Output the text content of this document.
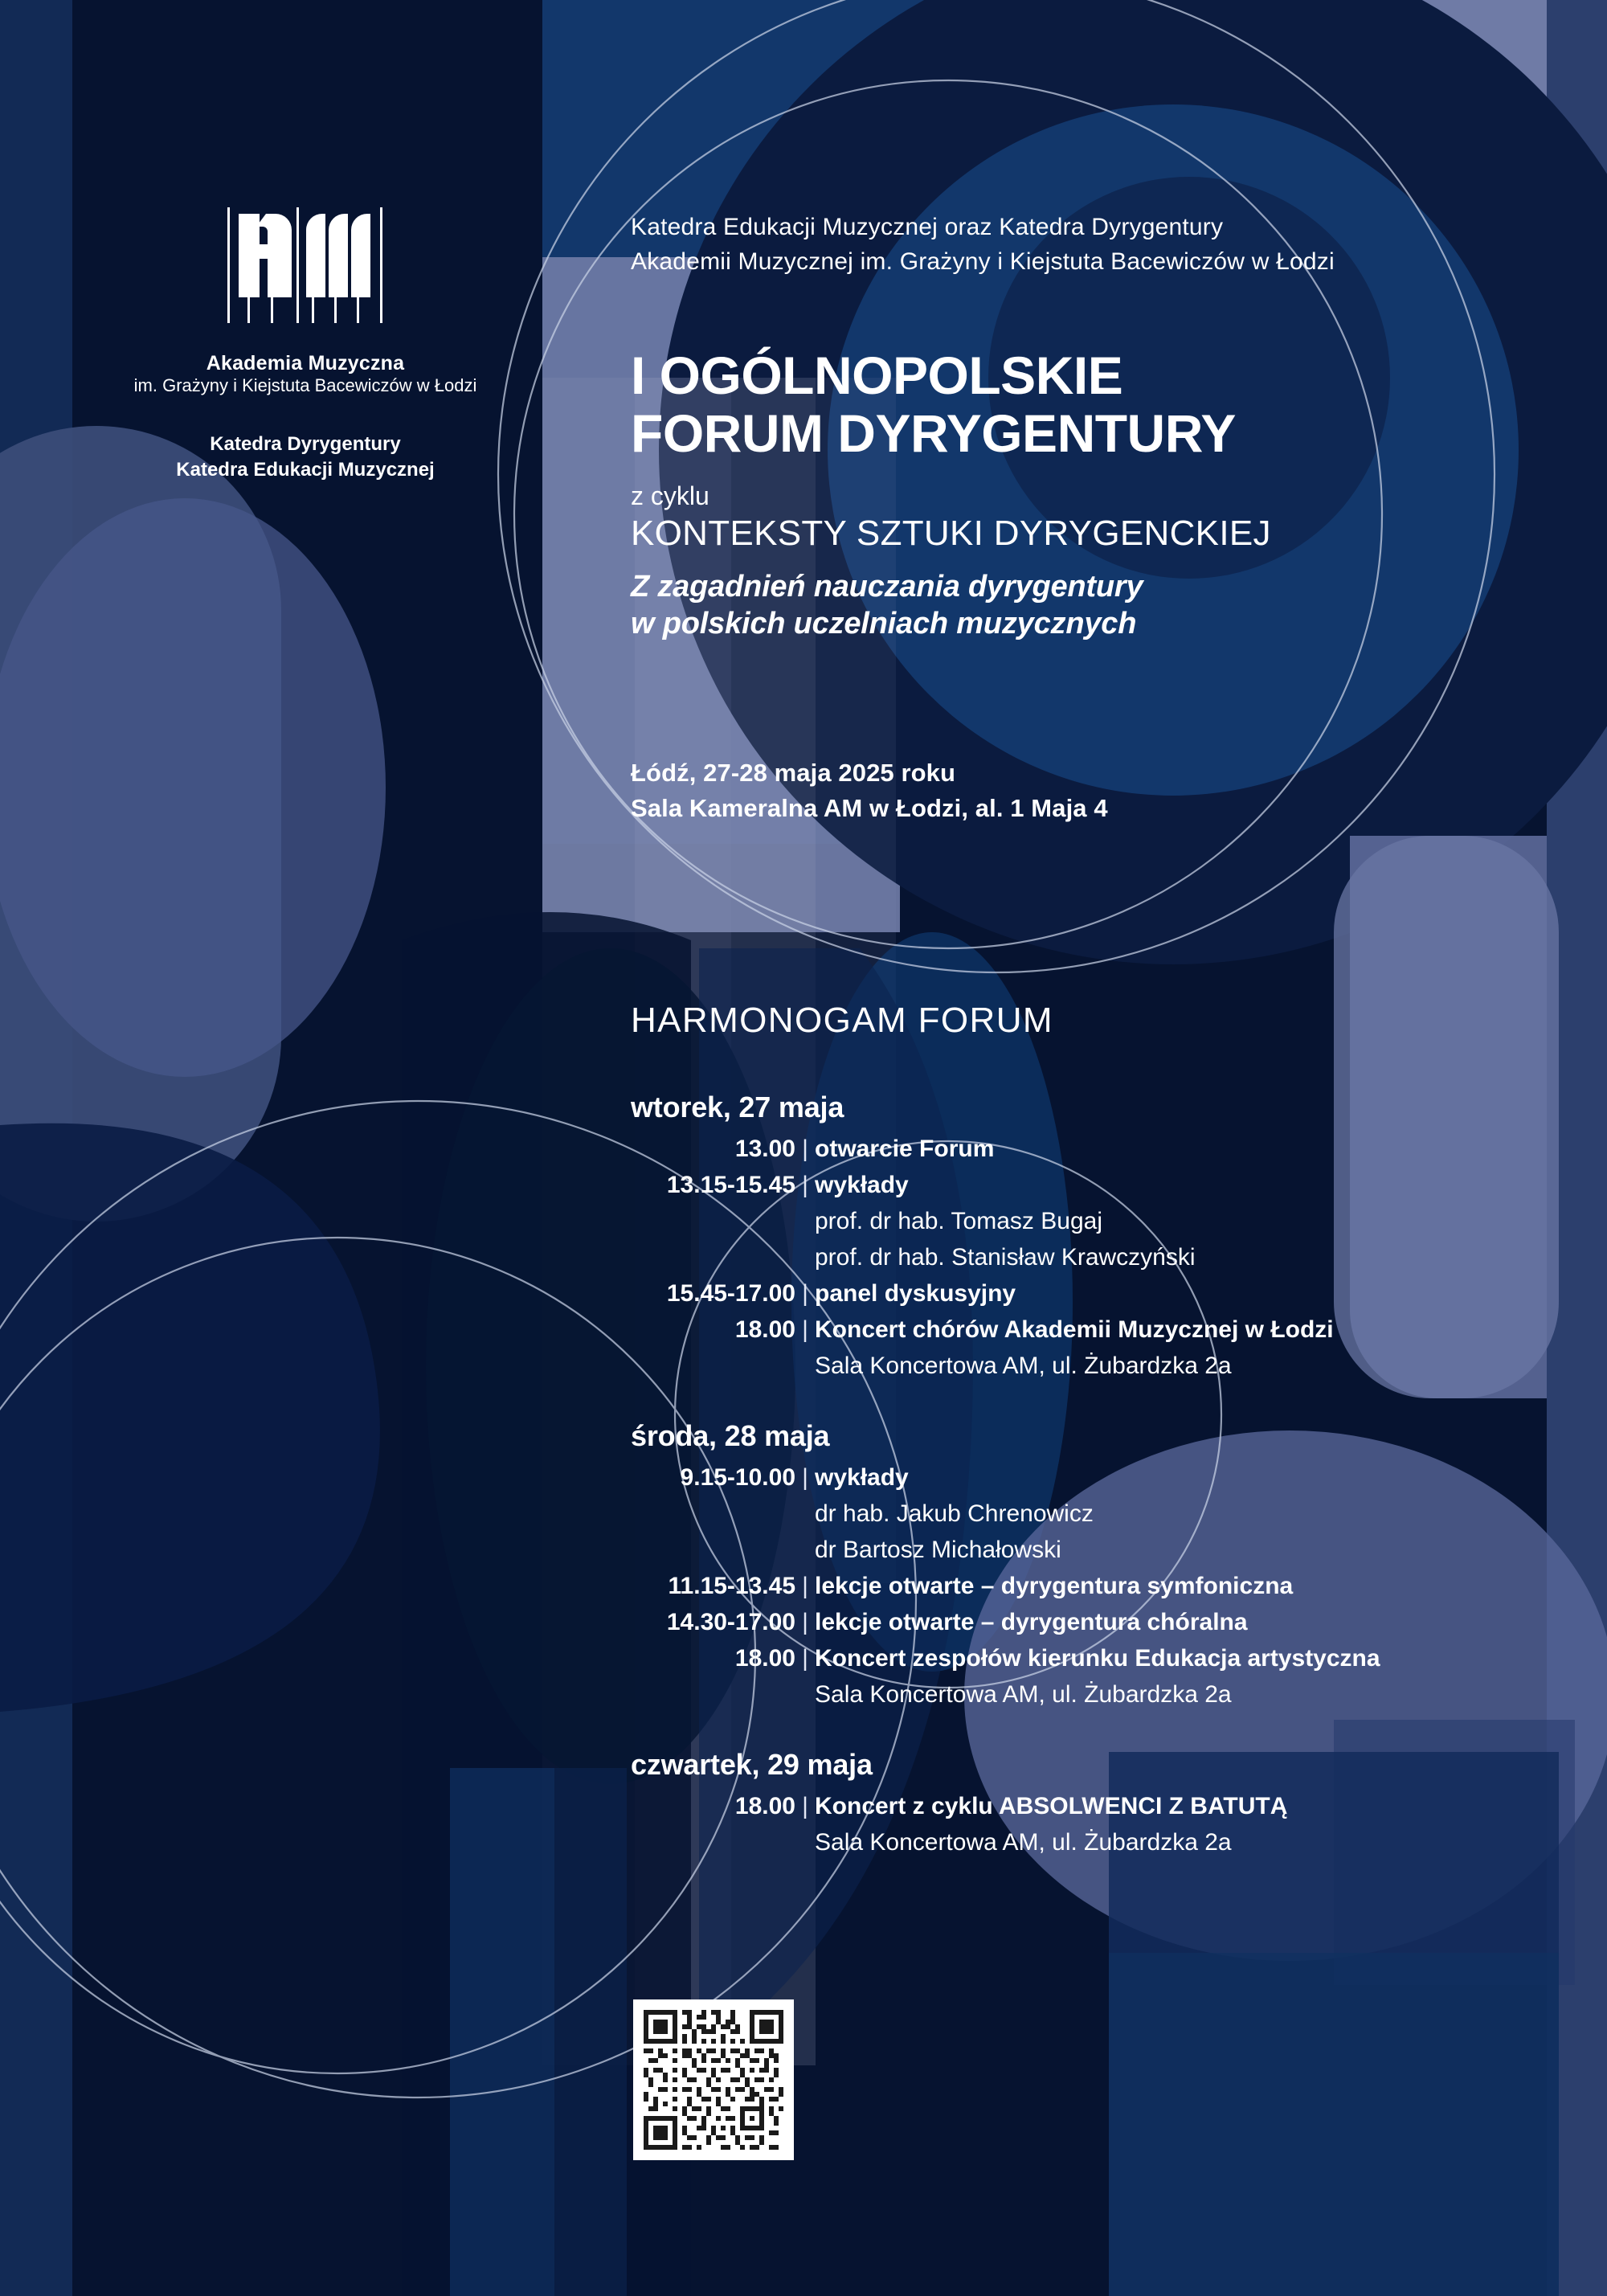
Akademia Muzyczna
im. Grażyny i Kiejstuta Bacewiczów w Łodzi
Katedra Dyrygentury
Katedra Edukacji Muzycznej
Katedra Edukacji Muzycznej oraz Katedra Dyrygentury
Akademii Muzycznej im. Grażyny i Kiejstuta Bacewiczów w Łodzi
I OGÓLNOPOLSKIE
FORUM DYRYGENTURY
z cyklu
KONTEKSTY SZTUKI DYRYGENCKIEJ
Z zagadnień nauczania dyrygentury
w polskich uczelniach muzycznych
Łódź, 27-28 maja 2025 roku
Sala Kameralna AM w Łodzi, al. 1 Maja 4
HARMONOGAM FORUM
wtorek, 27 maja
13.00 | otwarcie Forum
13.15-15.45 | wykłady
prof. dr hab. Tomasz Bugaj
prof. dr hab. Stanisław Krawczyński
15.45-17.00 | panel dyskusyjny
18.00 | Koncert chórów Akademii Muzycznej w Łodzi
Sala Koncertowa AM, ul. Żubardzka 2a
środa, 28 maja
9.15-10.00 | wykłady
dr hab. Jakub Chrenowicz
dr Bartosz Michałowski
11.15-13.45 | lekcje otwarte – dyrygentura symfoniczna
14.30-17.00 | lekcje otwarte – dyrygentura chóralna
18.00 | Koncert zespołów kierunku Edukacja artystyczna
Sala Koncertowa AM, ul. Żubardzka 2a
czwartek, 29 maja
18.00 | Koncert z cyklu ABSOLWENCI Z BATUTĄ
Sala Koncertowa AM, ul. Żubardzka 2a
